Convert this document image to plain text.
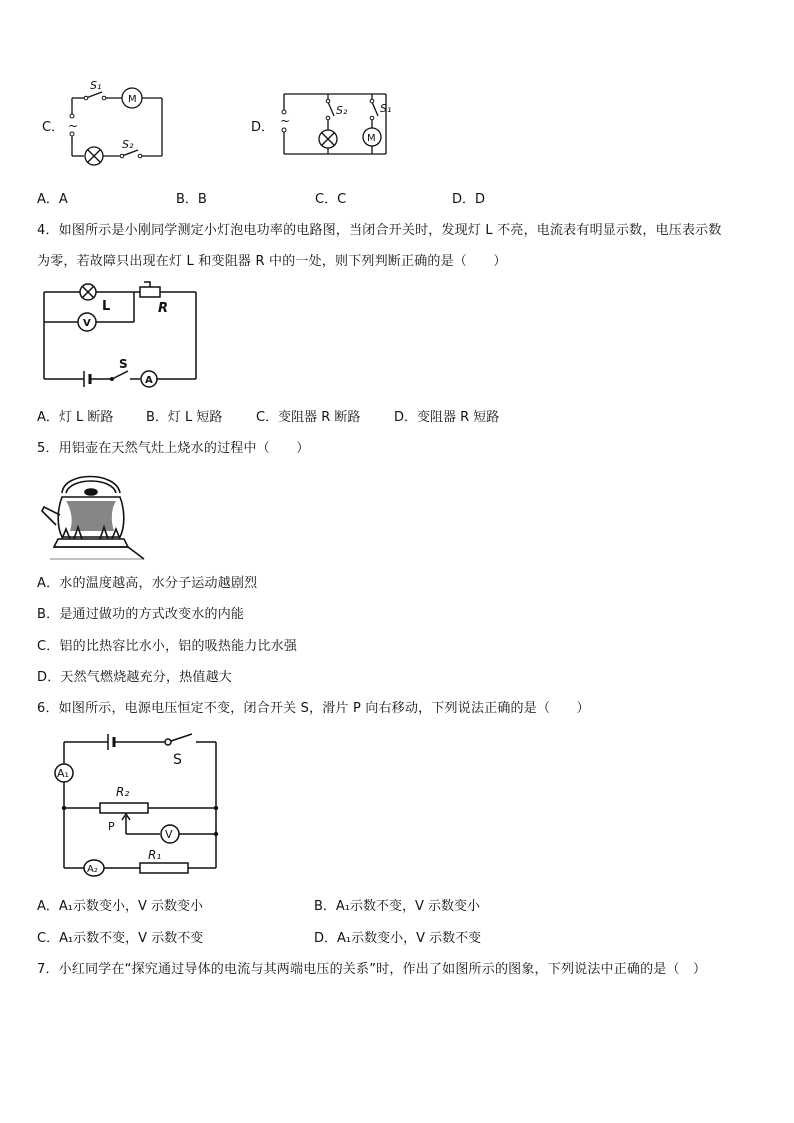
C． ~
M
S₁
S₂
D． ~
M
S₂	S₁
A．A	B．B	C．C	D．D
4．如图所示是小刚同学测定小灯泡电功率的电路图，当闭合开关时，发现灯 L 不亮，电流表有明显示数，电压表示数
为零，若故障只出现在灯 L 和变阻器 R 中的一处，则下列判断正确的是（　　）
L	R
V
S
A
A．灯 L 断路	B．灯 L 短路	C．变阻器 R 断路	D．变阻器 R 短路
5．用铝壶在天然气灶上烧水的过程中（　　）
A．水的温度越高，水分子运动越剧烈
B．是通过做功的方式改变水的内能
C．铝的比热容比水小，铝的吸热能力比水强
D．天然气燃烧越充分，热值越大
6．如图所示，电源电压恒定不变，闭合开关 S，滑片 P 向右移动，下列说法正确的是（　　）
A₁
S
R₂
P
V
A₂
R₁
A．A₁示数变小，V 示数变小	B．A₁示数不变，V 示数变小
C．A₁示数不变，V 示数不变	D．A₁示数变小，V 示数不变
7．小红同学在“探究通过导体的电流与其两端电压的关系”时，作出了如图所示的图象，下列说法中正确的是（　）
